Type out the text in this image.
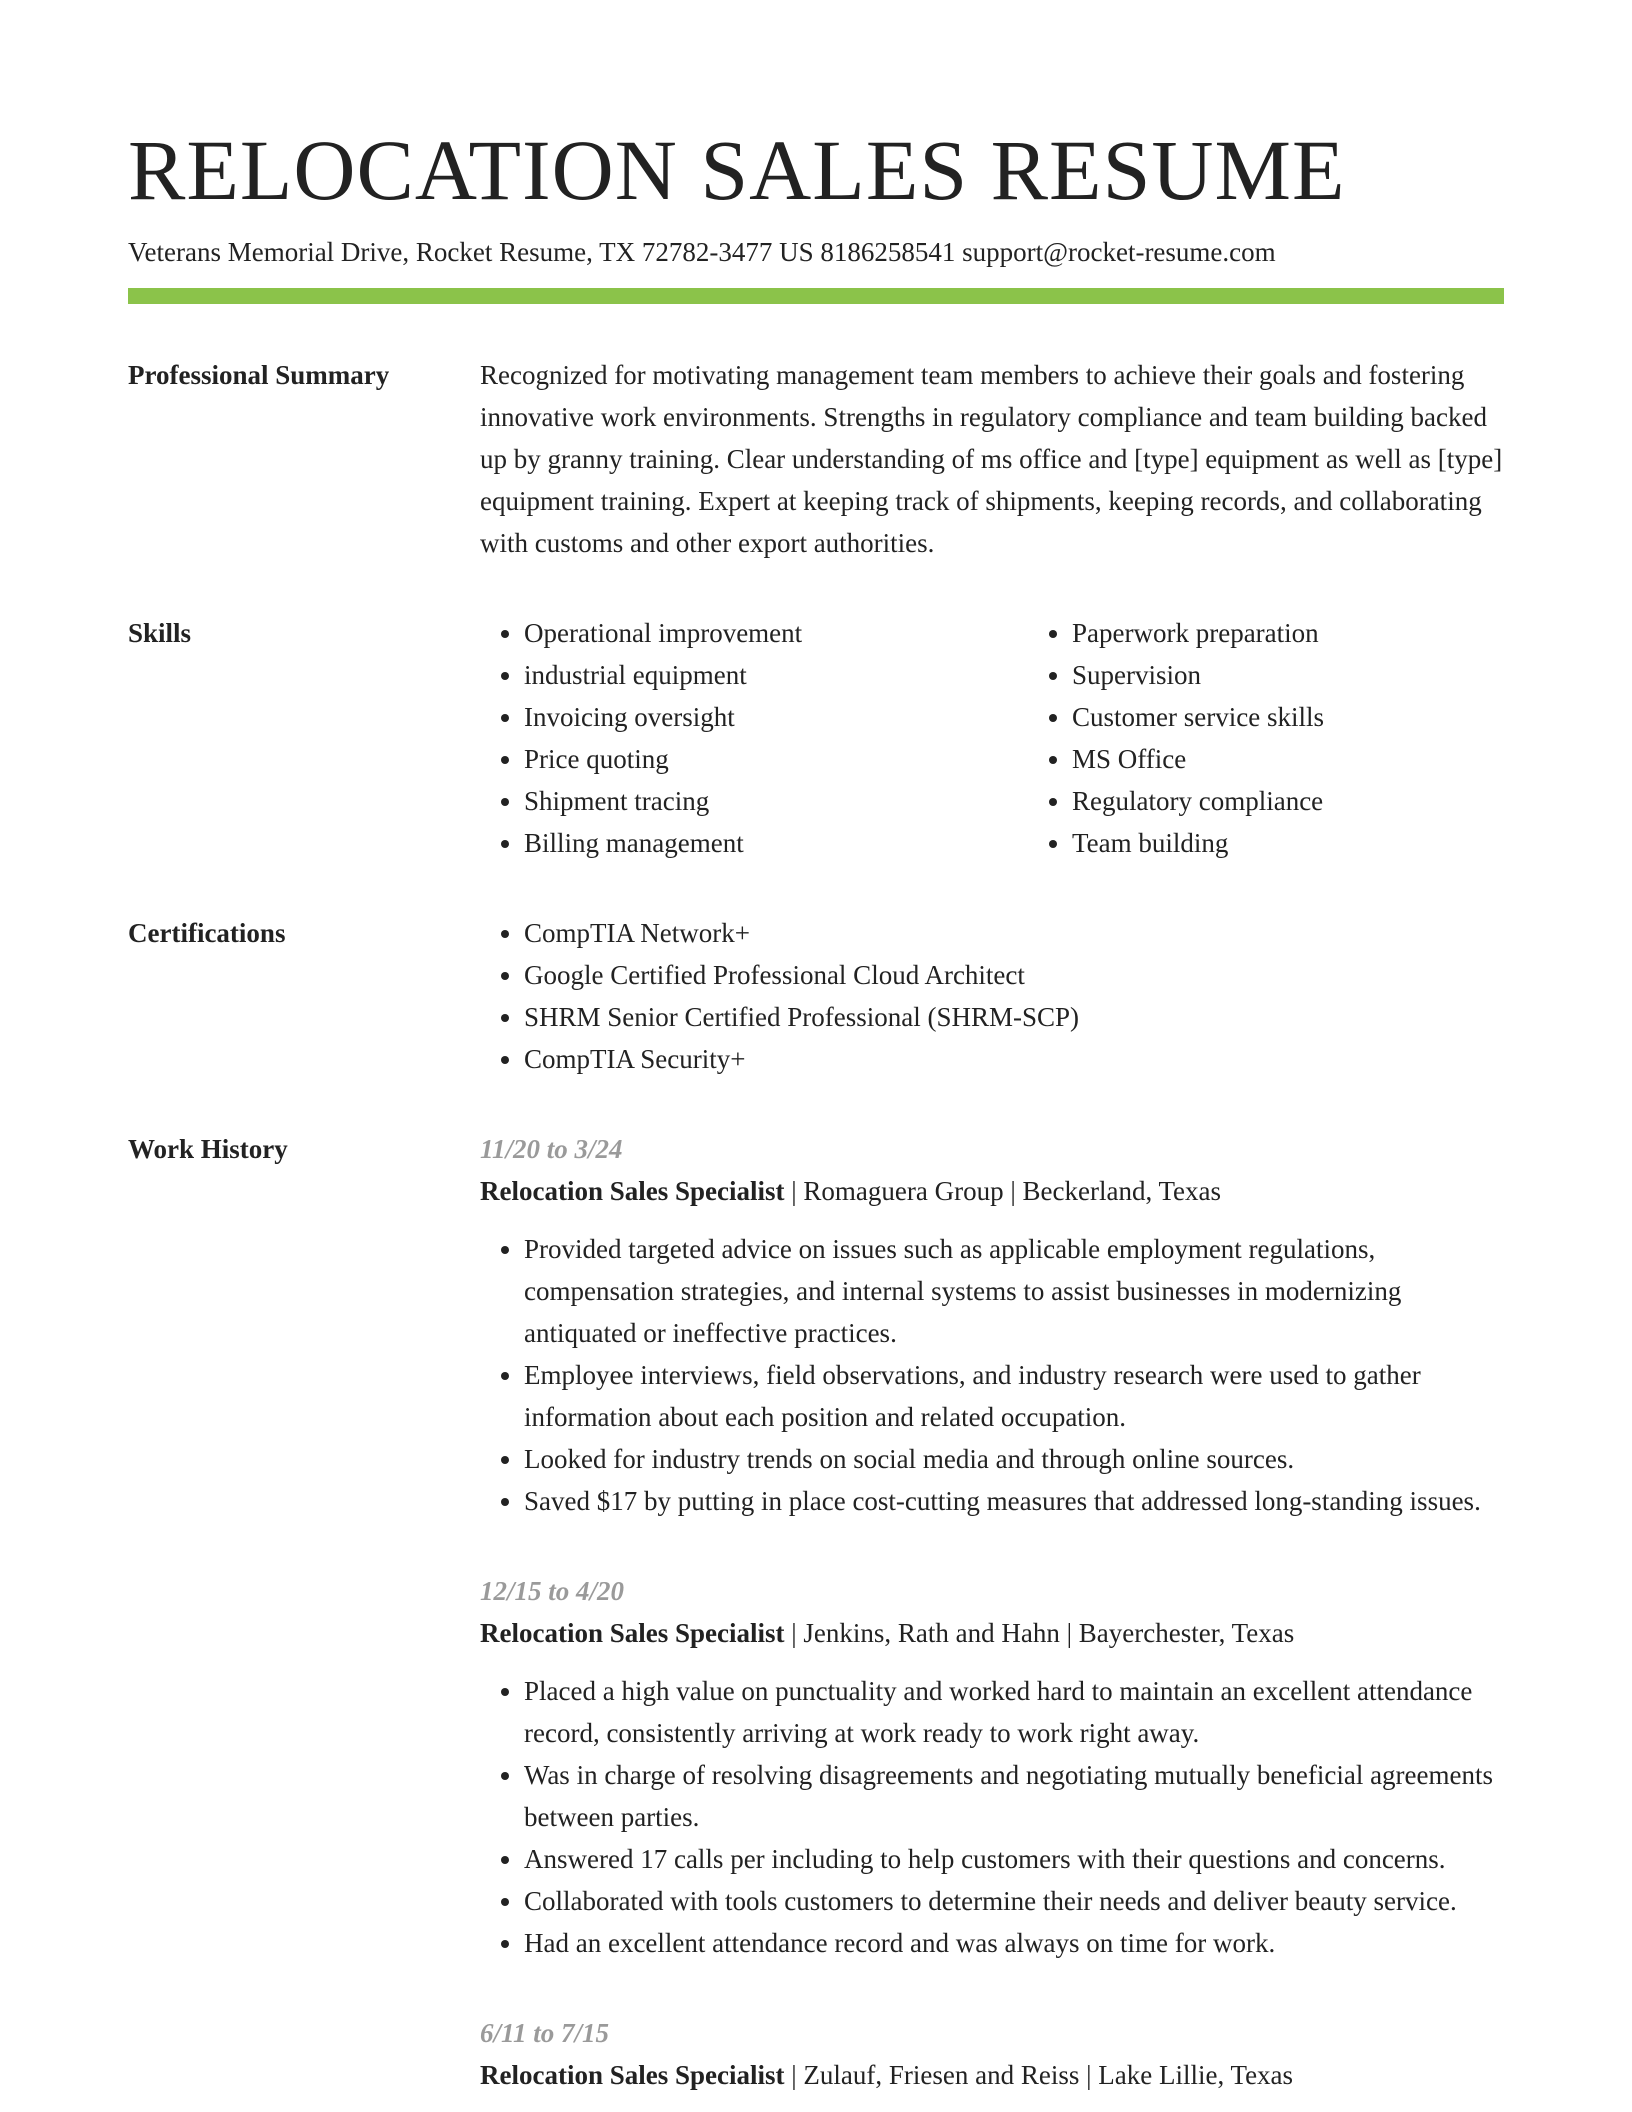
RELOCATION SALES RESUME
Veterans Memorial Drive, Rocket Resume, TX 72782-3477 US 8186258541 support@rocket-resume.com
Professional Summary	Recognized for motivating management team members to achieve their goals and fostering innovative work environments. Strengths in regulatory compliance and team building backed up by granny training. Clear understanding of ms office and [type] equipment as well as [type] equipment training. Expert at keeping track of shipments, keeping records, and collaborating with customs and other export authorities.

Skills	• Operational improvement
• industrial equipment
• Invoicing oversight
• Price quoting
• Shipment tracing
• Billing management
• Paperwork preparation
• Supervision
• Customer service skills
• MS Office
• Regulatory compliance
• Team building
Certifications	• CompTIA Network+
• Google Certified Professional Cloud Architect
• SHRM Senior Certified Professional (SHRM-SCP)
• CompTIA Security+
Work History	11/20 to 3/24
Relocation Sales Specialist | Romaguera Group | Beckerland, Texas
• Provided targeted advice on issues such as applicable employment regulations, compensation strategies, and internal systems to assist businesses in modernizing antiquated or ineffective practices.
• Employee interviews, field observations, and industry research were used to gather information about each position and related occupation.
• Looked for industry trends on social media and through online sources.
• Saved $17 by putting in place cost-cutting measures that addressed long-standing issues.
12/15 to 4/20
Relocation Sales Specialist | Jenkins, Rath and Hahn | Bayerchester, Texas
• Placed a high value on punctuality and worked hard to maintain an excellent attendance record, consistently arriving at work ready to work right away.
• Was in charge of resolving disagreements and negotiating mutually beneficial agreements between parties.
• Answered 17 calls per including to help customers with their questions and concerns.
• Collaborated with tools customers to determine their needs and deliver beauty service.
• Had an excellent attendance record and was always on time for work.
6/11 to 7/15
Relocation Sales Specialist | Zulauf, Friesen and Reiss | Lake Lillie, Texas
